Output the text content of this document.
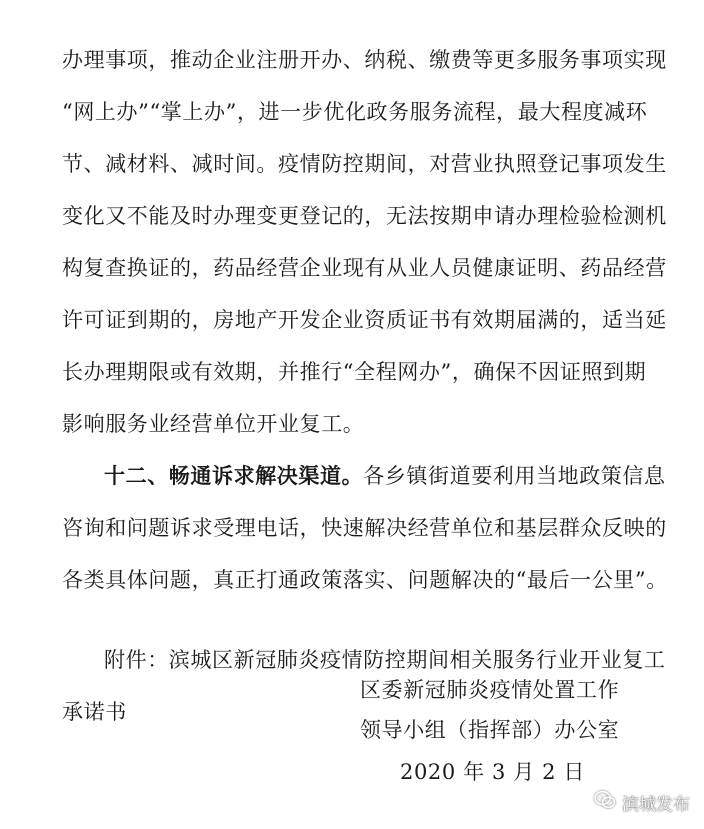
办理事项，推动企业注册开办、纳税、缴费等更多服务事项实现
“网上办”“掌上办”，进一步优化政务服务流程，最大程度减环
节、减材料、减时间。疫情防控期间，对营业执照登记事项发生
变化又不能及时办理变更登记的，无法按期申请办理检验检测机
构复查换证的，药品经营企业现有从业人员健康证明、药品经营
许可证到期的，房地产开发企业资质证书有效期届满的，适当延
长办理期限或有效期，并推行“全程网办”，确保不因证照到期
影响服务业经营单位开业复工。
十二、畅通诉求解决渠道。各乡镇街道要利用当地政策信息
咨询和问题诉求受理电话，快速解决经营单位和基层群众反映的
各类具体问题，真正打通政策落实、问题解决的“最后一公里”。
附件：滨城区新冠肺炎疫情防控期间相关服务行业开业复工
承诺书
区委新冠肺炎疫情处置工作
领导小组（指挥部）办公室
2020 年 3 月 2 日
滨城发布
